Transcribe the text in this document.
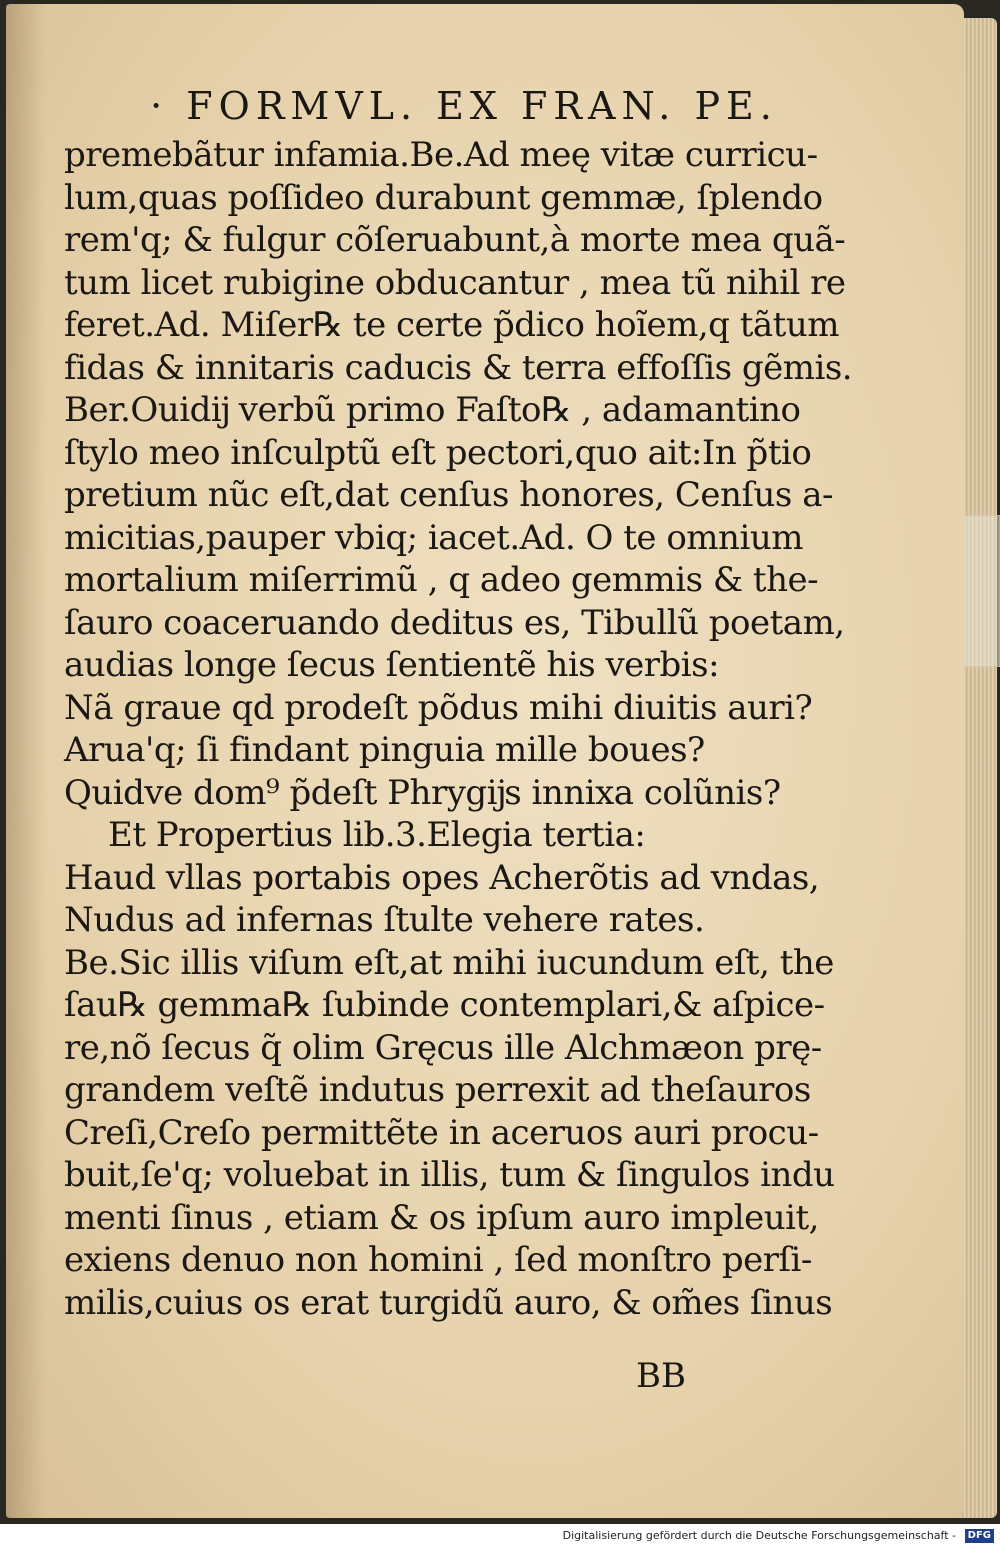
· FORMVL. EX FRAN. PE.
premebãtur infamia.Be.Ad meę vitæ curricu-
lum,quas poſſideo durabunt gemmæ, ſplendo
rem'q; & fulgur cõſeruabunt,à morte mea quã-
tum licet rubigine obducantur , mea tũ nihil re
feret.Ad. Miſer℞ te certe p̃dico hoĩem,q tãtum
fidas & innitaris caducis & terra effoſſis gẽmis.
Ber.Ouidĳ verbũ primo Faſto℞ , adamantino
ſtylo meo inſculptũ eſt pectori,quo ait:In p̃tio
pretium nũc eſt,dat cenſus honores, Cenſus a-
micitias,pauper vbiq; iacet.Ad. O te omnium
mortalium miſerrimũ , q adeo gemmis & the-
ſauro coaceruando deditus es, Tibullũ poetam,
audias longe ſecus ſentientẽ his verbis:
Nã graue qd prodeſt põdus mihi diuitis auri?
Arua'q; ſi findant pinguia mille boues?
Quidve dom⁹ p̃deſt Phrygĳs innixa colũnis?
Et Propertius lib.3.Elegia tertia:
Haud vllas portabis opes Acherõtis ad vndas,
Nudus ad infernas ſtulte vehere rates.
Be.Sic illis viſum eſt,at mihi iucundum eſt, the
ſau℞ gemma℞ ſubinde contemplari,& aſpice-
re,nõ ſecus q̃ olim Gręcus ille Alchmæon prę-
grandem veſtẽ indutus perrexit ad theſauros
Creſi,Creſo permittẽte in aceruos auri procu-
buit,ſe'q; voluebat in illis, tum & ſingulos indu
menti ſinus , etiam & os ipſum auro impleuit,
exiens denuo non homini , ſed monſtro perſi-
milis,cuius os erat turgidũ auro, & om̃es ſinus
BB
Digitalisierung gefördert durch die Deutsche Forschungsgemeinschaft -	DFG
